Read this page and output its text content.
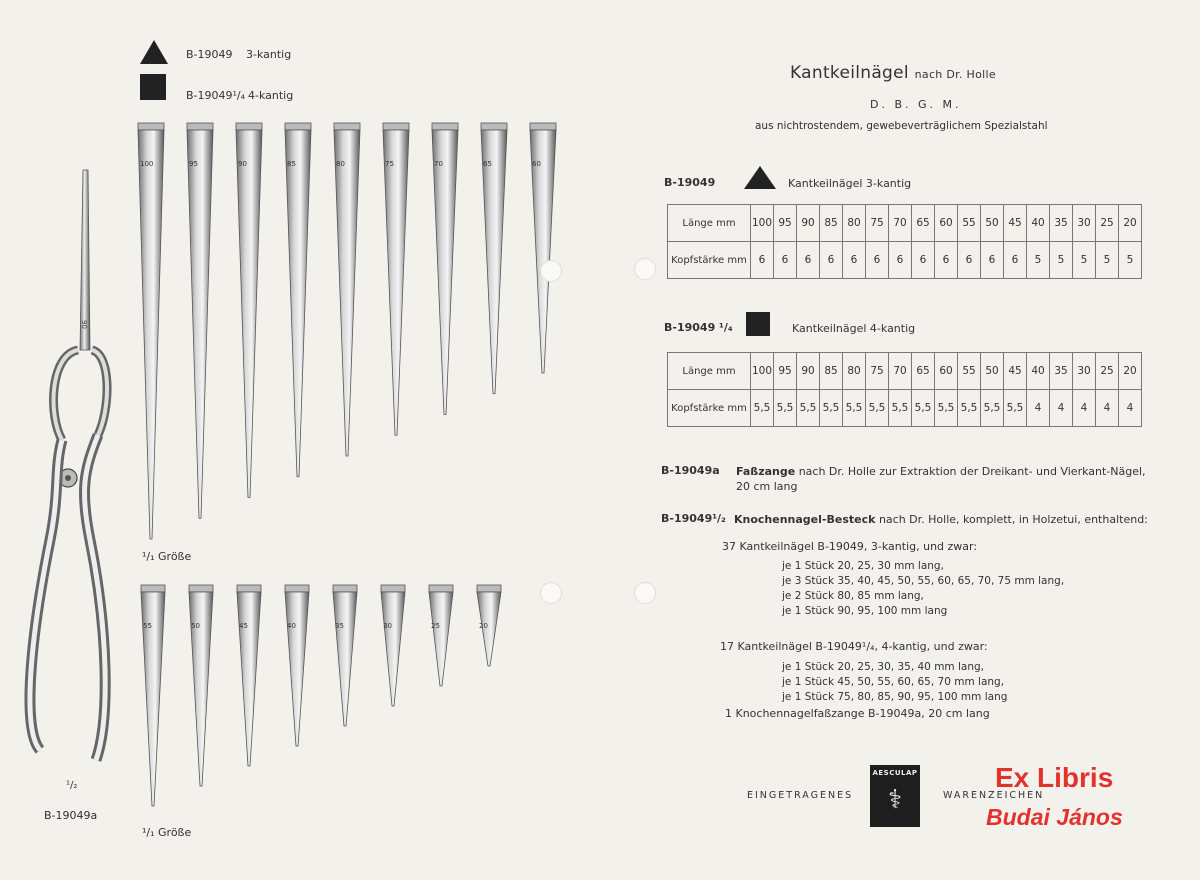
B-19049 3-kantig
B-19049¹/₄ 4-kantig
100	95	90	85	80	75	70	65	60
55	50	45	40	35	30	25	20
¹/₁ Größe
¹/₁ Größe
90
¹/₂
B-19049a
Kantkeilnägel nach Dr. Holle
D. B. G. M.
aus nichtrostendem, gewebeverträglichem Spezialstahl
B-19049	Kantkeilnägel 3-kantig
Länge mm	100	95	90	85	80	75	70	65	60	55	50	45	40	35	30	25	20
Kopfstärke mm	6	6	6	6	6	6	6	6	6	6	6	6	5	5	5	5	5
B-19049 ¹/₄	Kantkeilnägel 4-kantig
Länge mm	100	95	90	85	80	75	70	65	60	55	50	45	40	35	30	25	20
Kopfstärke mm	5,5	5,5	5,5	5,5	5,5	5,5	5,5	5,5	5,5	5,5	5,5	5,5	4	4	4	4	4
B-19049a Faßzange nach Dr. Holle zur Extraktion der Dreikant- und Vierkant-Nägel,
20 cm lang
B-19049¹/₂ Knochennagel-Besteck nach Dr. Holle, komplett, in Holzetui, enthaltend:
37 Kantkeilnägel B-19049, 3-kantig, und zwar:
je 1 Stück 20, 25, 30 mm lang,
je 3 Stück 35, 40, 45, 50, 55, 60, 65, 70, 75 mm lang,
je 2 Stück 80, 85 mm lang,
je 1 Stück 90, 95, 100 mm lang
17 Kantkeilnägel B-19049¹/₄, 4-kantig, und zwar:
je 1 Stück 20, 25, 30, 35, 40 mm lang,
je 1 Stück 45, 50, 55, 60, 65, 70 mm lang,
je 1 Stück 75, 80, 85, 90, 95, 100 mm lang
1 Knochennagelfaßzange B-19049a, 20 cm lang
EINGETRAGENES
AESCULAP
⚕	WARENZEICHEN
Ex Libris
Budai János
